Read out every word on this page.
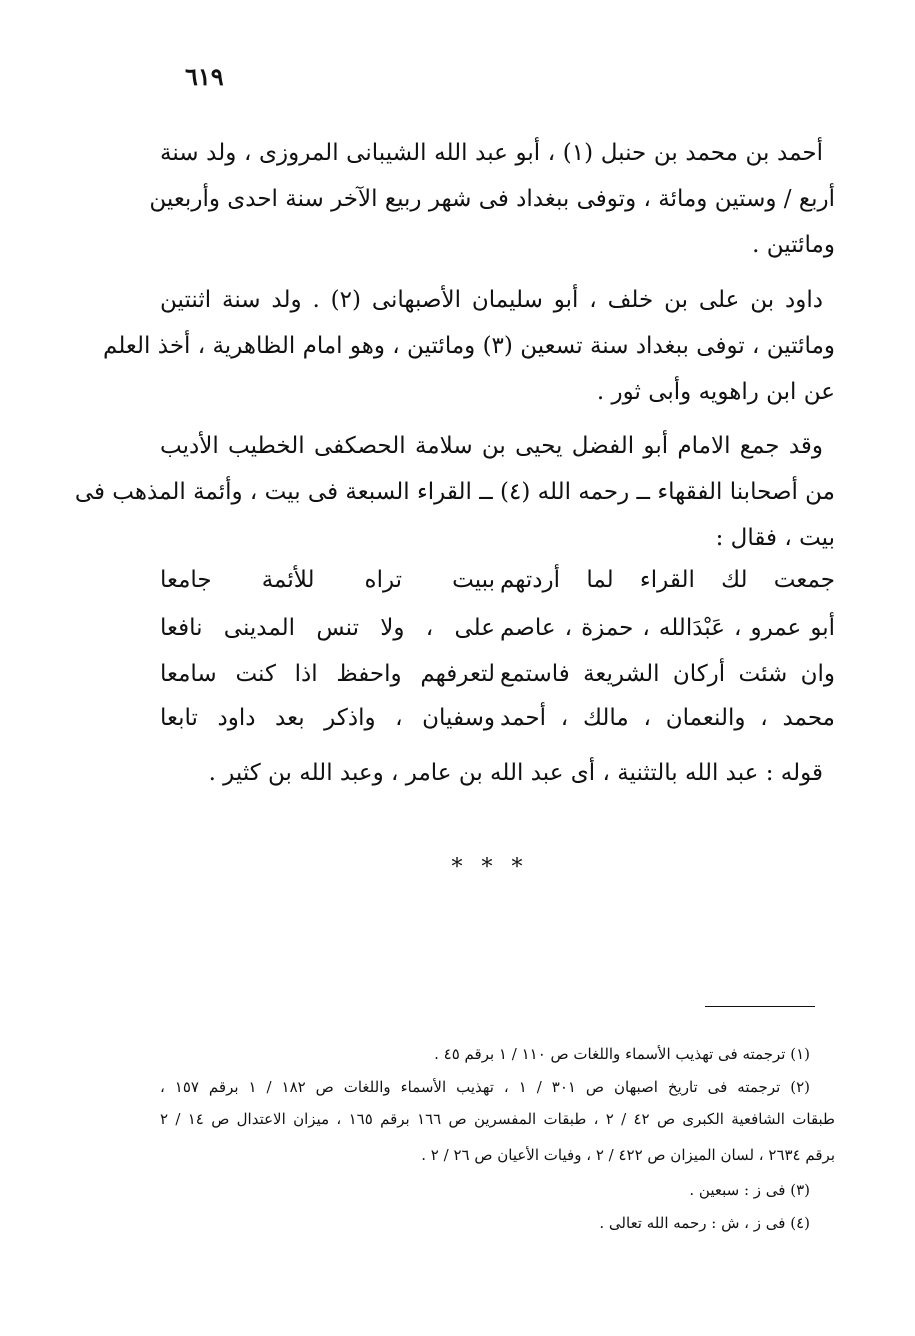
٦١٩
أحمد بن محمد بن حنبل (١) ، أبو عبد الله الشيبانى المروزى ، ولد سنة
أربع / وستين ومائة ، وتوفى ببغداد فى شهر ربيع الآخر سنة احدى وأربعين
ومائتين .
داود بن على بن خلف ، أبو سليمان الأصبهانى (٢) . ولد سنة اثنتين
ومائتين ، توفى ببغداد سنة تسعين (٣) ومائتين ، وهو امام الظاهرية ، أخذ العلم
عن ابن راهويه وأبى ثور .
وقد جمع الامام أبو الفضل يحيى بن سلامة الحصكفى الخطيب الأديب
من أصحابنا الفقهاء ــ رحمه الله (٤) ــ القراء السبعة فى بيت ، وأئمة المذهب فى
بيت ، فقال :
جمعت لك القراء لما أردتهم
ببيت تراه للأئمة جامعا
أبو عمرو ، عَبْدَالله ، حمزة ، عاصم
على ، ولا تنس المدينى نافعا
وان شئت أركان الشريعة فاستمع
لتعرفهم واحفظ اذا كنت سامعا
محمد ، والنعمان ، مالك ، أحمد
وسفيان ، واذكر بعد داود تابعا
قوله : عبد الله بالتثنية ، أى عبد الله بن عامر ، وعبد الله بن كثير .
* * *
(١) ترجمته فى تهذيب الأسماء واللغات ص ١١٠ / ١ برقم ٤٥ .
(٢) ترجمته فى تاريخ اصبهان ص ٣٠١ / ١ ، تهذيب الأسماء واللغات ص ١٨٢ / ١ برقم ١٥٧ ،
طبقات الشافعية الكبرى ص ٤٢ / ٢ ، طبقات المفسرين ص ١٦٦ برقم ١٦٥ ، ميزان الاعتدال ص ١٤ / ٢
برقم ٢٦٣٤ ، لسان الميزان ص ٤٢٢ / ٢ ، وفيات الأعيان ص ٢٦ / ٢ .
(٣) فى ز : سبعين .
(٤) فى ز ، ش : رحمه الله تعالى .
